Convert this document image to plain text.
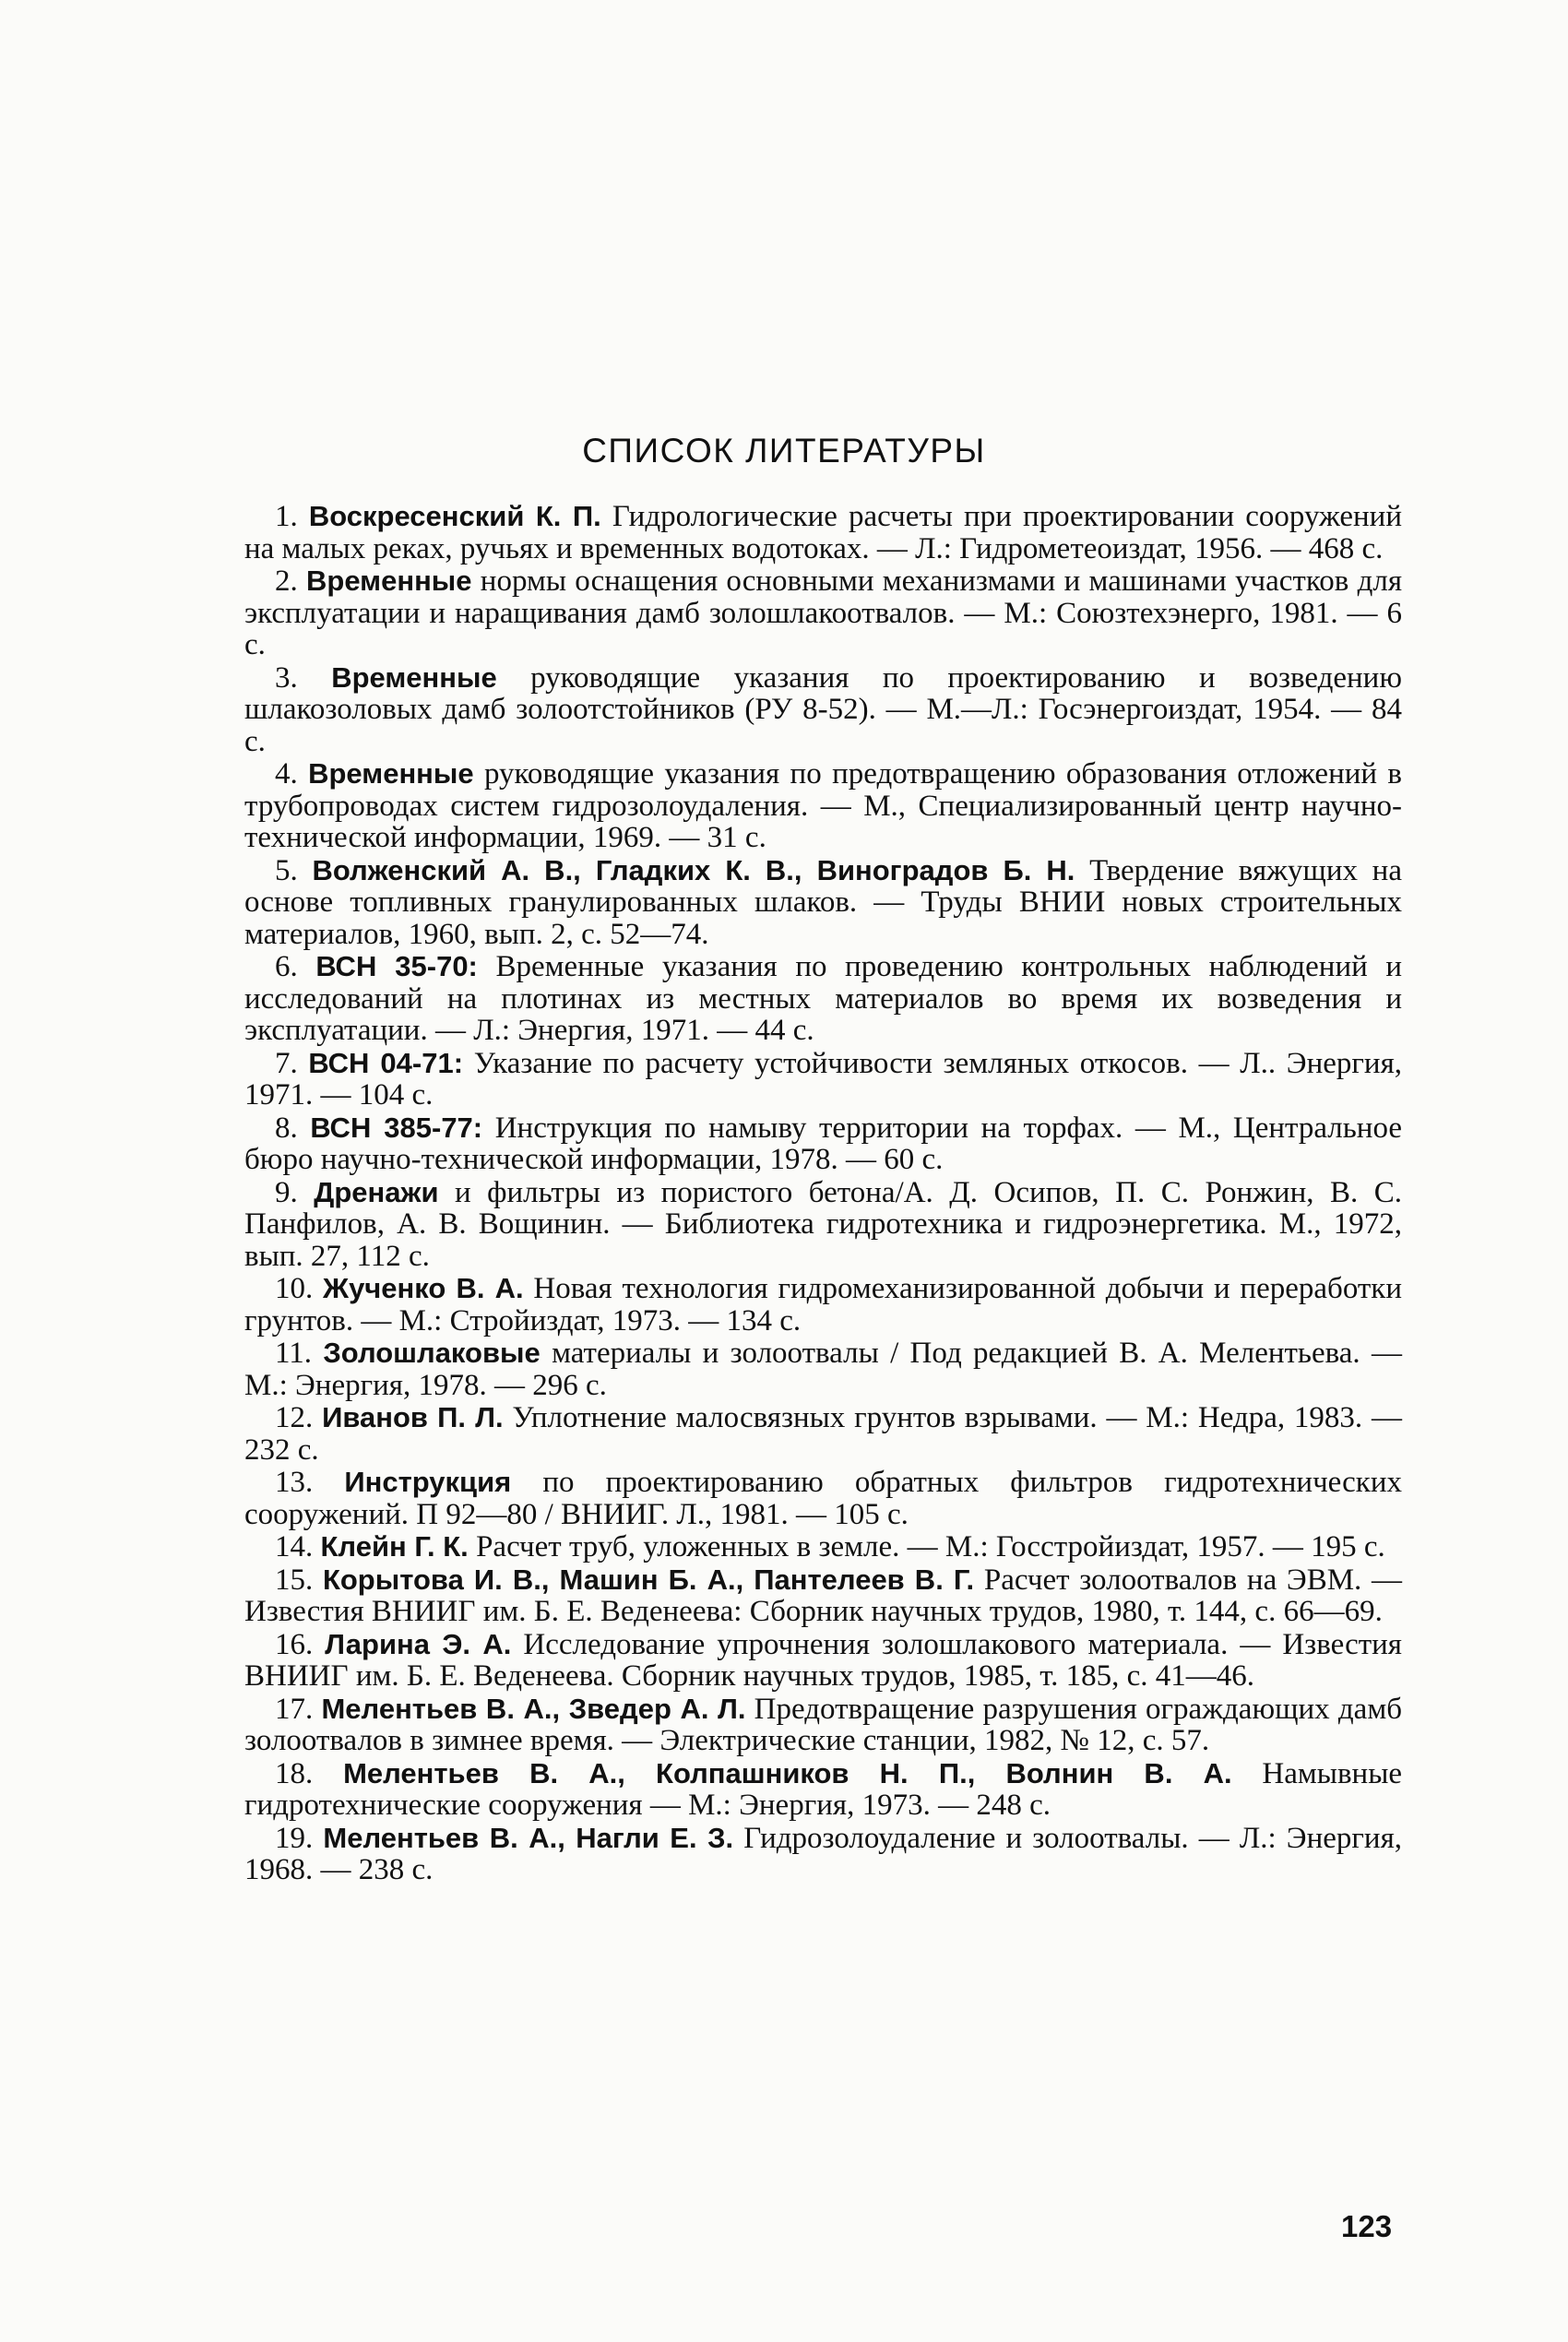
СПИСОК ЛИТЕРАТУРЫ

1. Воскресенский К. П. Гидрологические расчеты при проектировании сооружений на малых реках, ручьях и временных водотоках. — Л.: Гидрометеоиздат, 1956. — 468 с.

2. Временные нормы оснащения основными механизмами и машинами участков для эксплуатации и наращивания дамб золошлакоотвалов. — М.: Союзтехэнерго, 1981. — 6 с.

3. Временные руководящие указания по проектированию и возведению шлакозоловых дамб золоотстойников (РУ 8-52). — М.—Л.: Госэнергоиздат, 1954. — 84 с.

4. Временные руководящие указания по предотвращению образования отложений в трубопроводах систем гидрозолоудаления. — М., Специализированный центр научно-технической информации, 1969. — 31 с.

5. Волженский А. В., Гладких К. В., Виноградов Б. Н. Твердение вяжущих на основе топливных гранулированных шлаков. — Труды ВНИИ новых строительных материалов, 1960, вып. 2, с. 52—74.

6. ВСН 35-70: Временные указания по проведению контрольных наблюдений и исследований на плотинах из местных материалов во время их возведения и эксплуатации. — Л.: Энергия, 1971. — 44 с.

7. ВСН 04-71: Указание по расчету устойчивости земляных откосов. — Л.. Энергия, 1971. — 104 с.

8. ВСН 385-77: Инструкция по намыву территории на торфах. — М., Центральное бюро научно-технической информации, 1978. — 60 с.

9. Дренажи и фильтры из пористого бетона/А. Д. Осипов, П. С. Ронжин, В. С. Панфилов, А. В. Вощинин. — Библиотека гидротехника и гидроэнергетика. М., 1972, вып. 27, 112 с.

10. Жученко В. А. Новая технология гидромеханизированной добычи и переработки грунтов. — М.: Стройиздат, 1973. — 134 с.

11. Золошлаковые материалы и золоотвалы / Под редакцией В. А. Мелентьева. — М.: Энергия, 1978. — 296 с.

12. Иванов П. Л. Уплотнение малосвязных грунтов взрывами. — М.: Недра, 1983. — 232 с.

13. Инструкция по проектированию обратных фильтров гидротехнических сооружений. П 92—80 / ВНИИГ. Л., 1981. — 105 с.

14. Клейн Г. К. Расчет труб, уложенных в земле. — М.: Госстройиздат, 1957. — 195 с.

15. Корытова И. В., Машин Б. А., Пантелеев В. Г. Расчет золоотвалов на ЭВМ. — Известия ВНИИГ им. Б. Е. Веденеева: Сборник научных трудов, 1980, т. 144, с. 66—69.

16. Ларина Э. А. Исследование упрочнения золошлакового материала. — Известия ВНИИГ им. Б. Е. Веденеева. Сборник научных трудов, 1985, т. 185, с. 41—46.

17. Мелентьев В. А., Зведер А. Л. Предотвращение разрушения ограждающих дамб золоотвалов в зимнее время. — Электрические станции, 1982, № 12, с. 57.

18. Мелентьев В. А., Колпашников Н. П., Волнин В. А. Намывные гидротехнические сооружения — М.: Энергия, 1973. — 248 с.

19. Мелентьев В. А., Нагли Е. З. Гидрозолоудаление и золоотвалы. — Л.: Энергия, 1968. — 238 с.

123
